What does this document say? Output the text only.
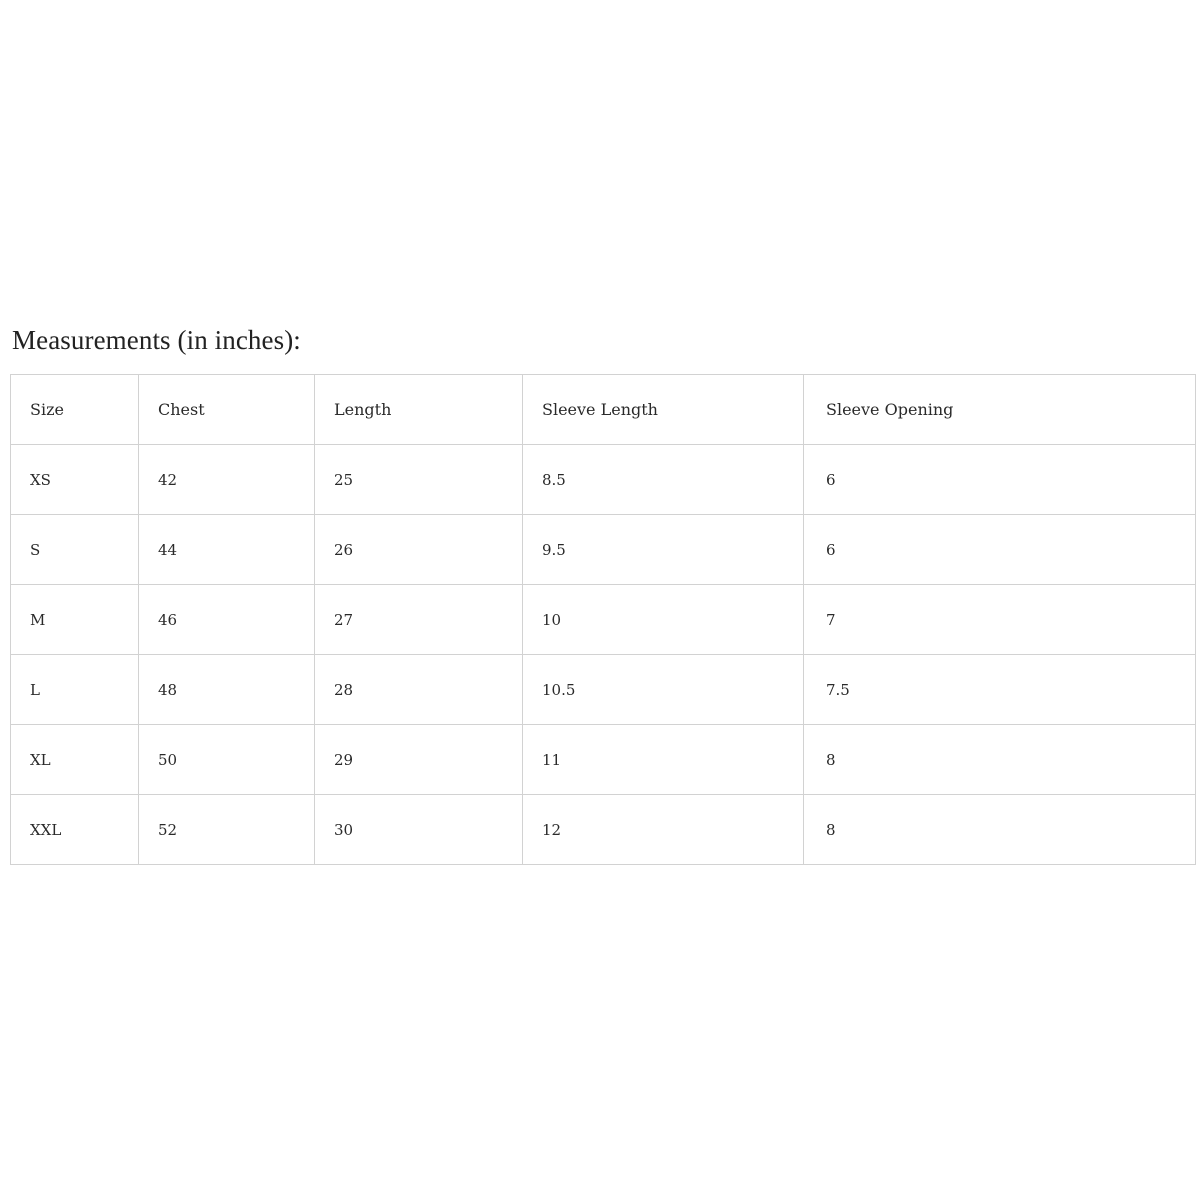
Measurements (in inches):
Size	Chest	Length	Sleeve Length	Sleeve Opening
XS	42	25	8.5	6
S	44	26	9.5	6
M	46	27	10	7
L	48	28	10.5	7.5
XL	50	29	11	8
XXL	52	30	12	8
